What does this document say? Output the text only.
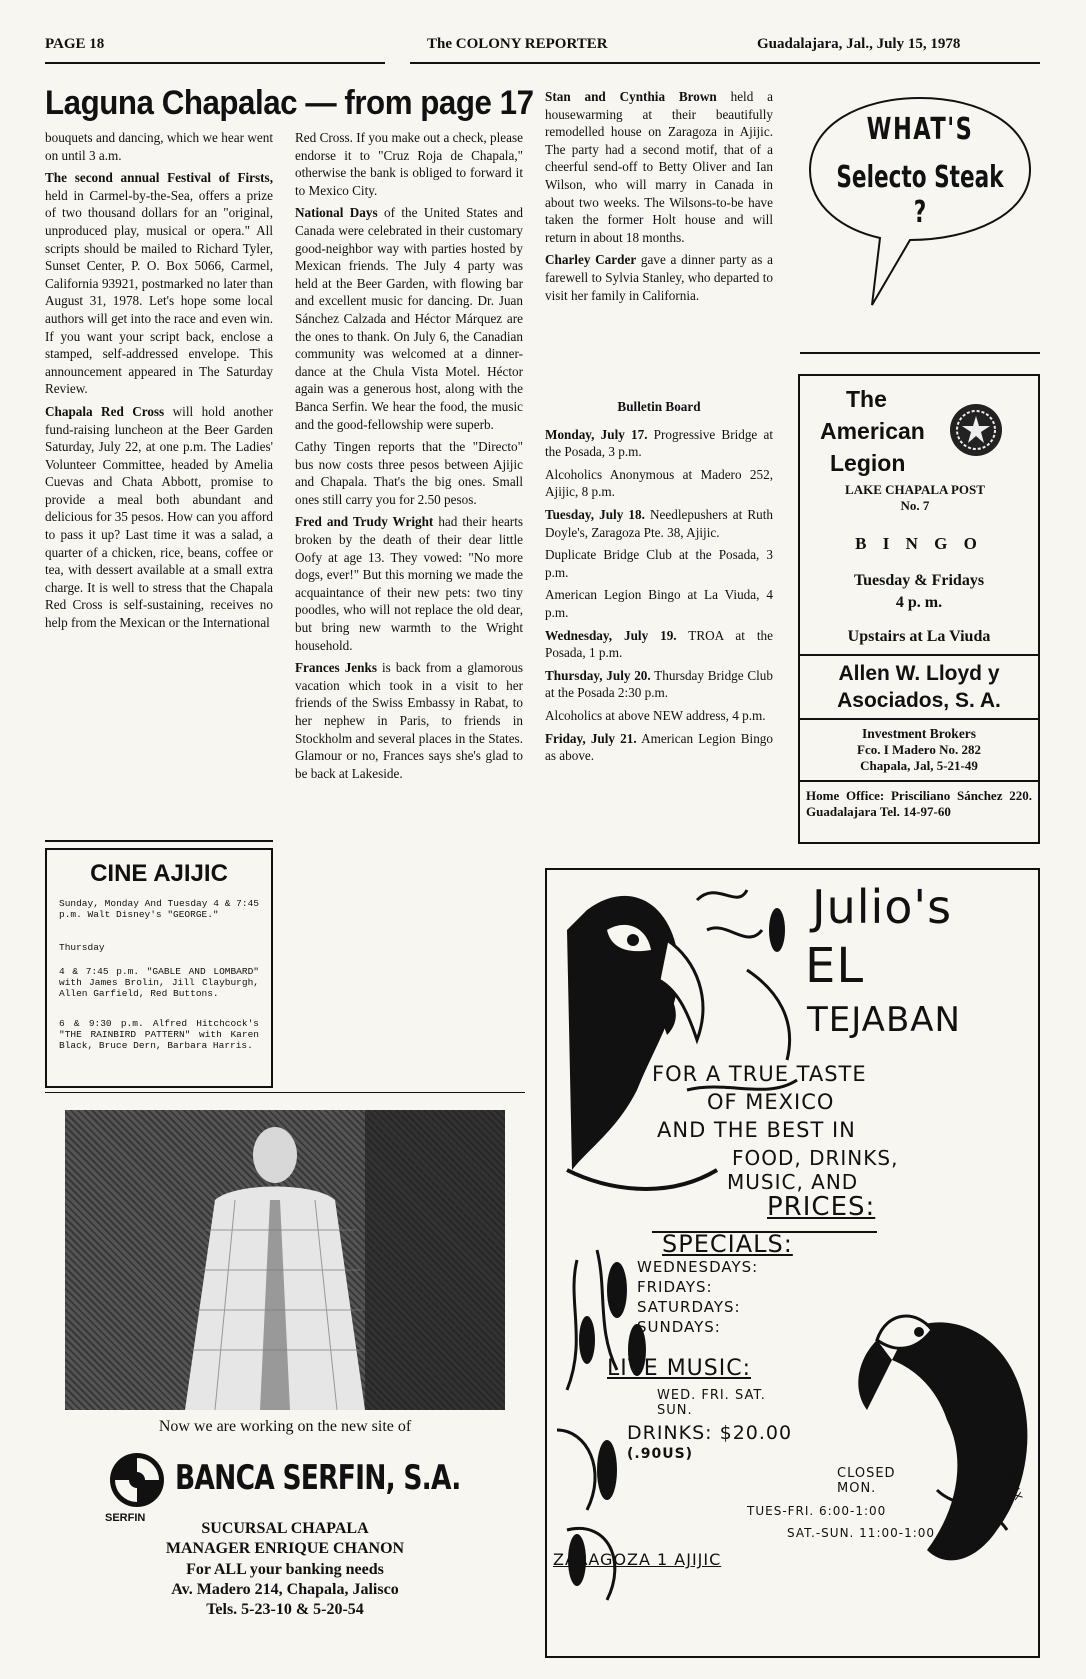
PAGE 18	The COLONY REPORTER	Guadalajara, Jal., July 15, 1978
Laguna Chapalac — from page 17

bouquets and dancing, which we hear went on until 3 a.m.

The second annual Festival of Firsts, held in Carmel-by-the-Sea, offers a prize of two thousand dollars for an "original, unproduced play, musical or opera." All scripts should be mailed to Richard Tyler, Sunset Center, P. O. Box 5066, Carmel, California 93921, postmarked no later than August 31, 1978. Let's hope some local authors will get into the race and even win. If you want your script back, enclose a stamped, self-addressed envelope. This announcement appeared in The Saturday Review.

Chapala Red Cross will hold another fund-raising luncheon at the Beer Garden Saturday, July 22, at one p.m. The Ladies' Volunteer Committee, headed by Amelia Cuevas and Chata Abbott, promise to provide a meal both abundant and delicious for 35 pesos. How can you afford to pass it up? Last time it was a salad, a quarter of a chicken, rice, beans, coffee or tea, with dessert available at a small extra charge. It is well to stress that the Chapala Red Cross is self-sustaining, receives no help from the Mexican or the International

Red Cross. If you make out a check, please endorse it to "Cruz Roja de Chapala," otherwise the bank is obliged to forward it to Mexico City.

National Days of the United States and Canada were celebrated in their customary good-neighbor way with parties hosted by Mexican friends. The July 4 party was held at the Beer Garden, with flowing bar and excellent music for dancing. Dr. Juan Sánchez Calzada and Héctor Márquez are the ones to thank. On July 6, the Canadian community was welcomed at a dinner-dance at the Chula Vista Motel. Héctor again was a generous host, along with the Banca Serfin. We hear the food, the music and the good-fellowship were superb.

Cathy Tingen reports that the "Directo" bus now costs three pesos between Ajijic and Chapala. That's the big ones. Small ones still carry you for 2.50 pesos.

Fred and Trudy Wright had their hearts broken by the death of their dear little Oofy at age 13. They vowed: "No more dogs, ever!" But this morning we made the acquaintance of their new pets: two tiny poodles, who will not replace the old dear, but bring new warmth to the Wright household.

Frances Jenks is back from a glamorous vacation which took in a visit to her friends of the Swiss Embassy in Rabat, to her nephew in Paris, to friends in Stockholm and several places in the States. Glamour or no, Frances says she's glad to be back at Lakeside.

Stan and Cynthia Brown held a housewarming at their beautifully remodelled house on Zaragoza in Ajijic. The party had a second motif, that of a cheerful send-off to Betty Oliver and Ian Wilson, who will marry in Canada in about two weeks. The Wilsons-to-be have taken the former Holt house and will return in about 18 months.

Charley Carder gave a dinner party as a farewell to Sylvia Stanley, who departed to visit her family in California.

Bulletin Board

Monday, July 17. Progressive Bridge at the Posada, 3 p.m.

Alcoholics Anonymous at Madero 252, Ajijic, 8 p.m.

Tuesday, July 18. Needlepushers at Ruth Doyle's, Zaragoza Pte. 38, Ajijic.

Duplicate Bridge Club at the Posada, 3 p.m.

American Legion Bingo at La Viuda, 4 p.m.

Wednesday, July 19. TROA at the Posada, 1 p.m.

Thursday, July 20. Thursday Bridge Club at the Posada 2:30 p.m.

Alcoholics at above NEW address, 4 p.m.

Friday, July 21. American Legion Bingo as above.

WHAT'S
Selecto Steak ?
The
American
Legion
LAKE CHAPALA POST No. 7
B I N G O
Tuesday & Fridays
4 p. m.
Upstairs at La Viuda
Allen W. Lloyd y Asociados, S. A.
Investment Brokers
Fco. I Madero No. 282
Chapala, Jal, 5-21-49
Home Office: Prisciliano Sánchez 220. Guadalajara Tel. 14-97-60
CINE AJIJIC
Sunday, Monday And Tuesday 4 & 7:45 p.m. Walt Disney's "GEORGE."
Thursday
4 & 7:45 p.m. "GABLE AND LOMBARD" with James Brolin, Jill Clayburgh, Allen Garfield, Red Buttons.
6 & 9:30 p.m. Alfred Hitchcock's "THE RAINBIRD PATTERN" with Karen Black, Bruce Dern, Barbara Harris.
Now we are working on the new site of
SERFIN
BANCA SERFIN, S.A.
SUCURSAL CHAPALA
MANAGER ENRIQUE CHANON
For ALL your banking needs
Av. Madero 214, Chapala, Jalisco
Tels. 5-23-10 & 5-20-54
Julio's
EL
TEJABAN
FOR A TRUE TASTE
OF MEXICO
AND THE BEST IN
FOOD, DRINKS,
MUSIC, AND
PRICES:
SPECIALS:
WEDNESDAYS:
FRIDAYS:
SATURDAYS:
SUNDAYS:
LIVE MUSIC:
WED. FRI. SAT. SUN.
DRINKS: $20.00
(.90US)
CLOSED MON.
TUES-FRI. 6:00-1:00
SAT.-SUN. 11:00-1:00
ZARAGOZA 1 AJIJIC
BRIX
